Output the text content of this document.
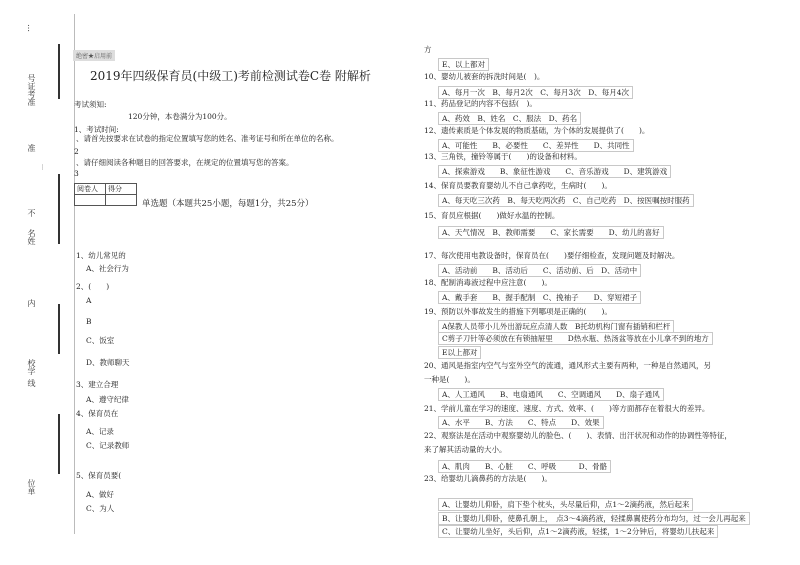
…
号证考准
准
…
不
名姓
内
校学
线
位单
绝密★启用前
2019年四级保育员(中级工)考前检测试卷C卷 附解析
考试须知:
120分钟，本卷满分为100分。
1、考试时间:
、请首先按要求在试卷的指定位置填写您的姓名、准考证号和所在单位的名称。
2
、请仔细阅读各种题目的回答要求，在规定的位置填写您的答案。
3
阅卷人	得分

单选题（本题共25小题，每题1分，共25分）
1、幼儿常见的
A、社会行为
2、(　　)
A
B
C、饭室
D、教师聊天
3、建立合理
A、遵守纪律
4、保育员在
A、记录
C、记录教师
5、保育员要(
A、做好
C、为人
方
E、以上都对
10、婴幼儿被套的拆洗时间是(　)。
A、每月一次　B、每月2次　C、每月3次　D、每月4次
11、药品登记的内容不包括(　)。
A、药效　B、姓名　C、服法　D、药名
12、遗传素质是个体发展的物质基础，为个体的发展提供了(　　)。
A、可能性　　B、必要性　　C、差异性　　D、共同性
13、三角铁，撞铃等属于(　　)的设备和材料。
A、探索游戏　　B、象征性游戏　　C、音乐游戏　　D、建筑游戏
14、保育员要教育婴幼儿不自己拿药吃，生病时(　　)。
A、每天吃三次药　B、每天吃两次药　C、自己吃药　D、按医嘱按时服药
15、育员应根据(　　)做好水温的控制。
A、天气情况　B、教师需要　　C、家长需要　　D、幼儿的喜好
17、每次使用电教设备时，保育员在(　　)要仔细检查，发现问题及时解决。
A、活动前　　B、活动后　　C、活动前、后　D、活动中
18、配制消毒液过程中应注意(　　)。
A、戴手套　　B、握手配制　C、挽袖子　　D、穿短裙子
19、预防以外事故发生的措施下列哪项是正确的(　　)。
A保教人员带小儿外出游玩应点清人数　B托幼机构门窗有插销和栏杆
C剪子刀针等必须放在有锁抽屉里　　D热水瓶、热汤盆等放在小儿拿不到的地方
E以上都对
20、通风是指室内空气与室外空气的流通，通风形式主要有两种，一种是自然通风，另
一种是(　　)。
A、人工通风　　B、电扇通风　　C、空调通风　　D、扇子通风
21、学前儿童在学习的速度、速度、方式、效率、(　　)等方面都存在着很大的差异。
A、水平　　B、方法　　C、特点　　D、效果
22、观察法是在活动中观察婴幼儿的脸色、(　　)、表情、出汗状况和动作的协调性等特征，
来了解其活动量的大小。
A、肌肉　　B、心脏　　C、呼吸　　　D、骨骼
23、给婴幼儿滴鼻药的方法是(　　)。
A、让婴幼儿仰卧，肩下垫个枕头，头尽量后仰，点1～2滴药液，然后起来
B、让婴幼儿仰卧，使鼻孔朝上，　点3～4滴药液，轻揉鼻翼使药分布均匀，过一会儿再起来
C、让婴幼儿坐好，头后仰，点1～2滴药液，轻揉，1～2分钟后，将婴幼儿扶起来
